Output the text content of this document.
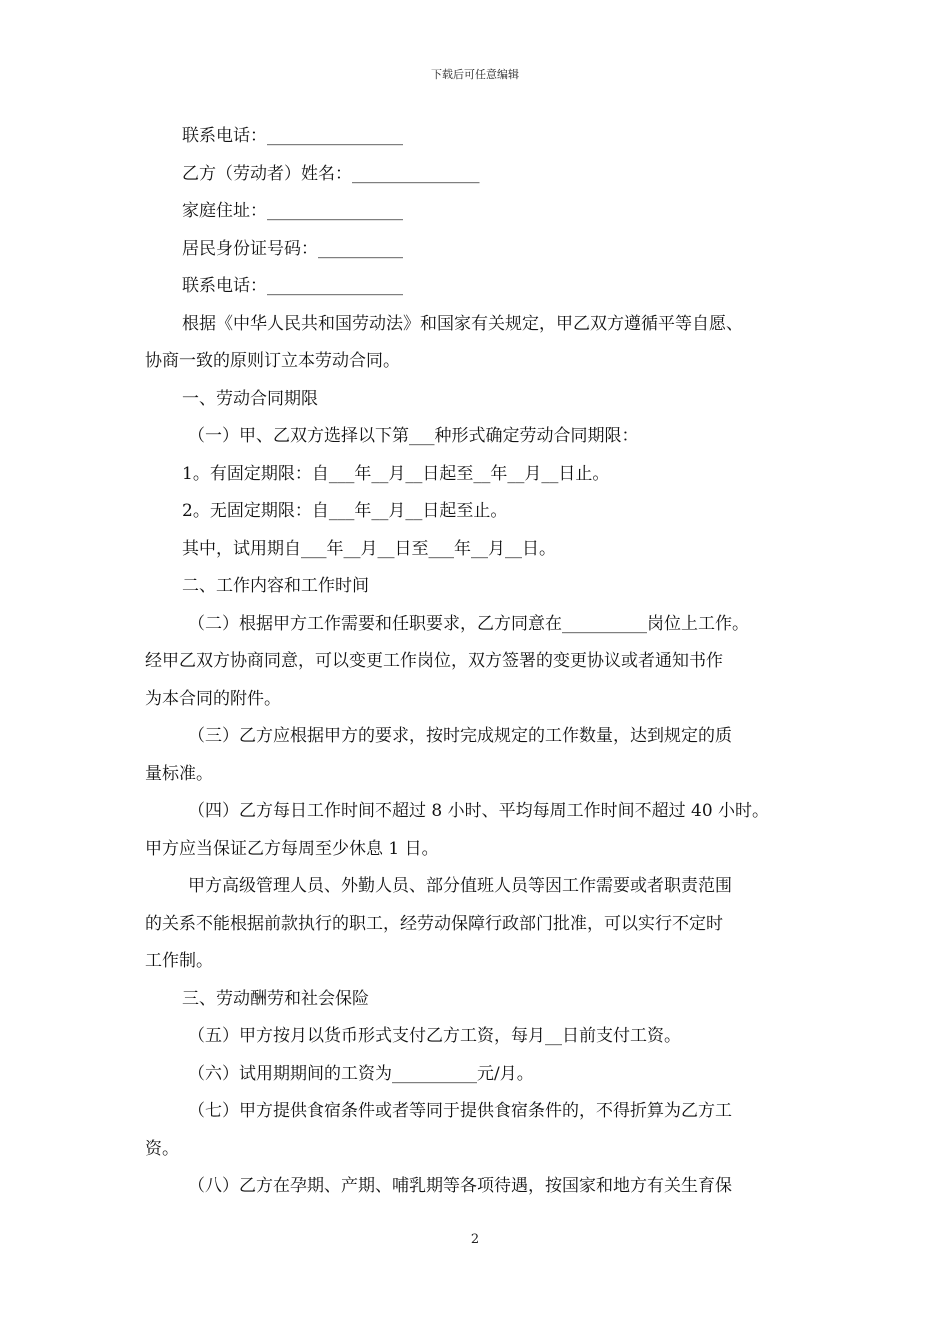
下载后可任意编辑

联系电话：________________

乙方（劳动者）姓名：_______________

家庭住址：________________

居民身份证号码：__________

联系电话：________________

根据《中华人民共和国劳动法》和国家有关规定，甲乙双方遵循平等自愿、

协商一致的原则订立本劳动合同。

一、劳动合同期限

（一）甲、乙双方选择以下第___种形式确定劳动合同期限：

1。有固定期限：自___年__月__日起至__年__月__日止。

2。无固定期限：自___年__月__日起至止。

其中，试用期自___年__月__日至___年__月__日。

二、工作内容和工作时间

（二）根据甲方工作需要和任职要求，乙方同意在__________岗位上工作。

经甲乙双方协商同意，可以变更工作岗位，双方签署的变更协议或者通知书作

为本合同的附件。

（三）乙方应根据甲方的要求，按时完成规定的工作数量，达到规定的质

量标准。

（四）乙方每日工作时间不超过 8 小时、平均每周工作时间不超过 40 小时。

甲方应当保证乙方每周至少休息 1 日。

甲方高级管理人员、外勤人员、部分值班人员等因工作需要或者职责范围

的关系不能根据前款执行的职工，经劳动保障行政部门批准，可以实行不定时

工作制。

三、劳动酬劳和社会保险

（五）甲方按月以货币形式支付乙方工资，每月__日前支付工资。

（六）试用期期间的工资为__________元/月。

（七）甲方提供食宿条件或者等同于提供食宿条件的，不得折算为乙方工

资。

（八）乙方在孕期、产期、哺乳期等各项待遇，按国家和地方有关生育保

2
